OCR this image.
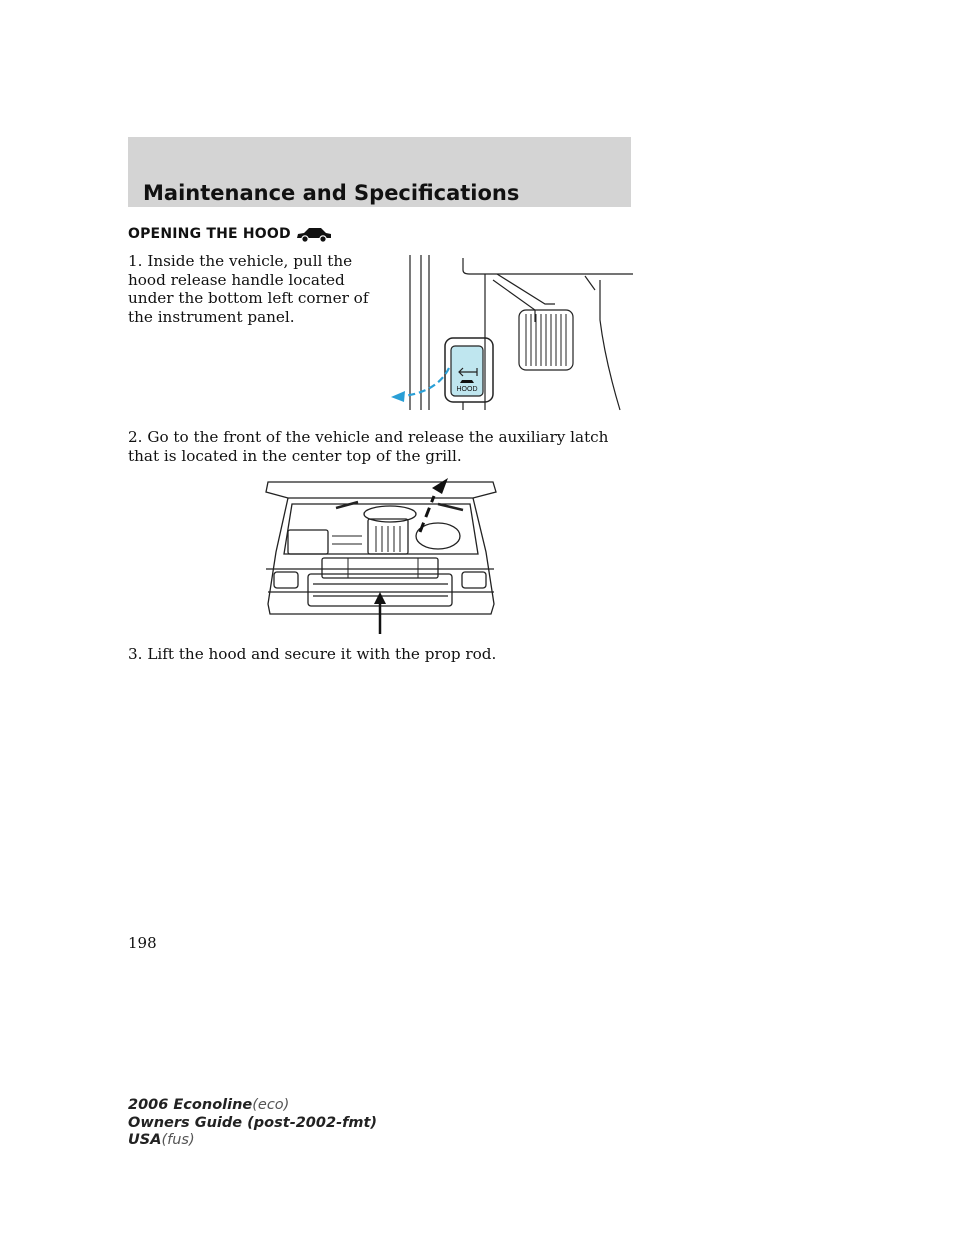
Maintenance and Specifications
OPENING THE HOOD

1. Inside the vehicle, pull the hood release handle located under the bottom left corner of the instrument panel.

HOOD

2. Go to the front of the vehicle and release the auxiliary latch that is located in the center top of the grill.

3. Lift the hood and secure it with the prop rod.

198

2006 Econoline(eco)
Owners Guide (post-2002-fmt)
USA(fus)
